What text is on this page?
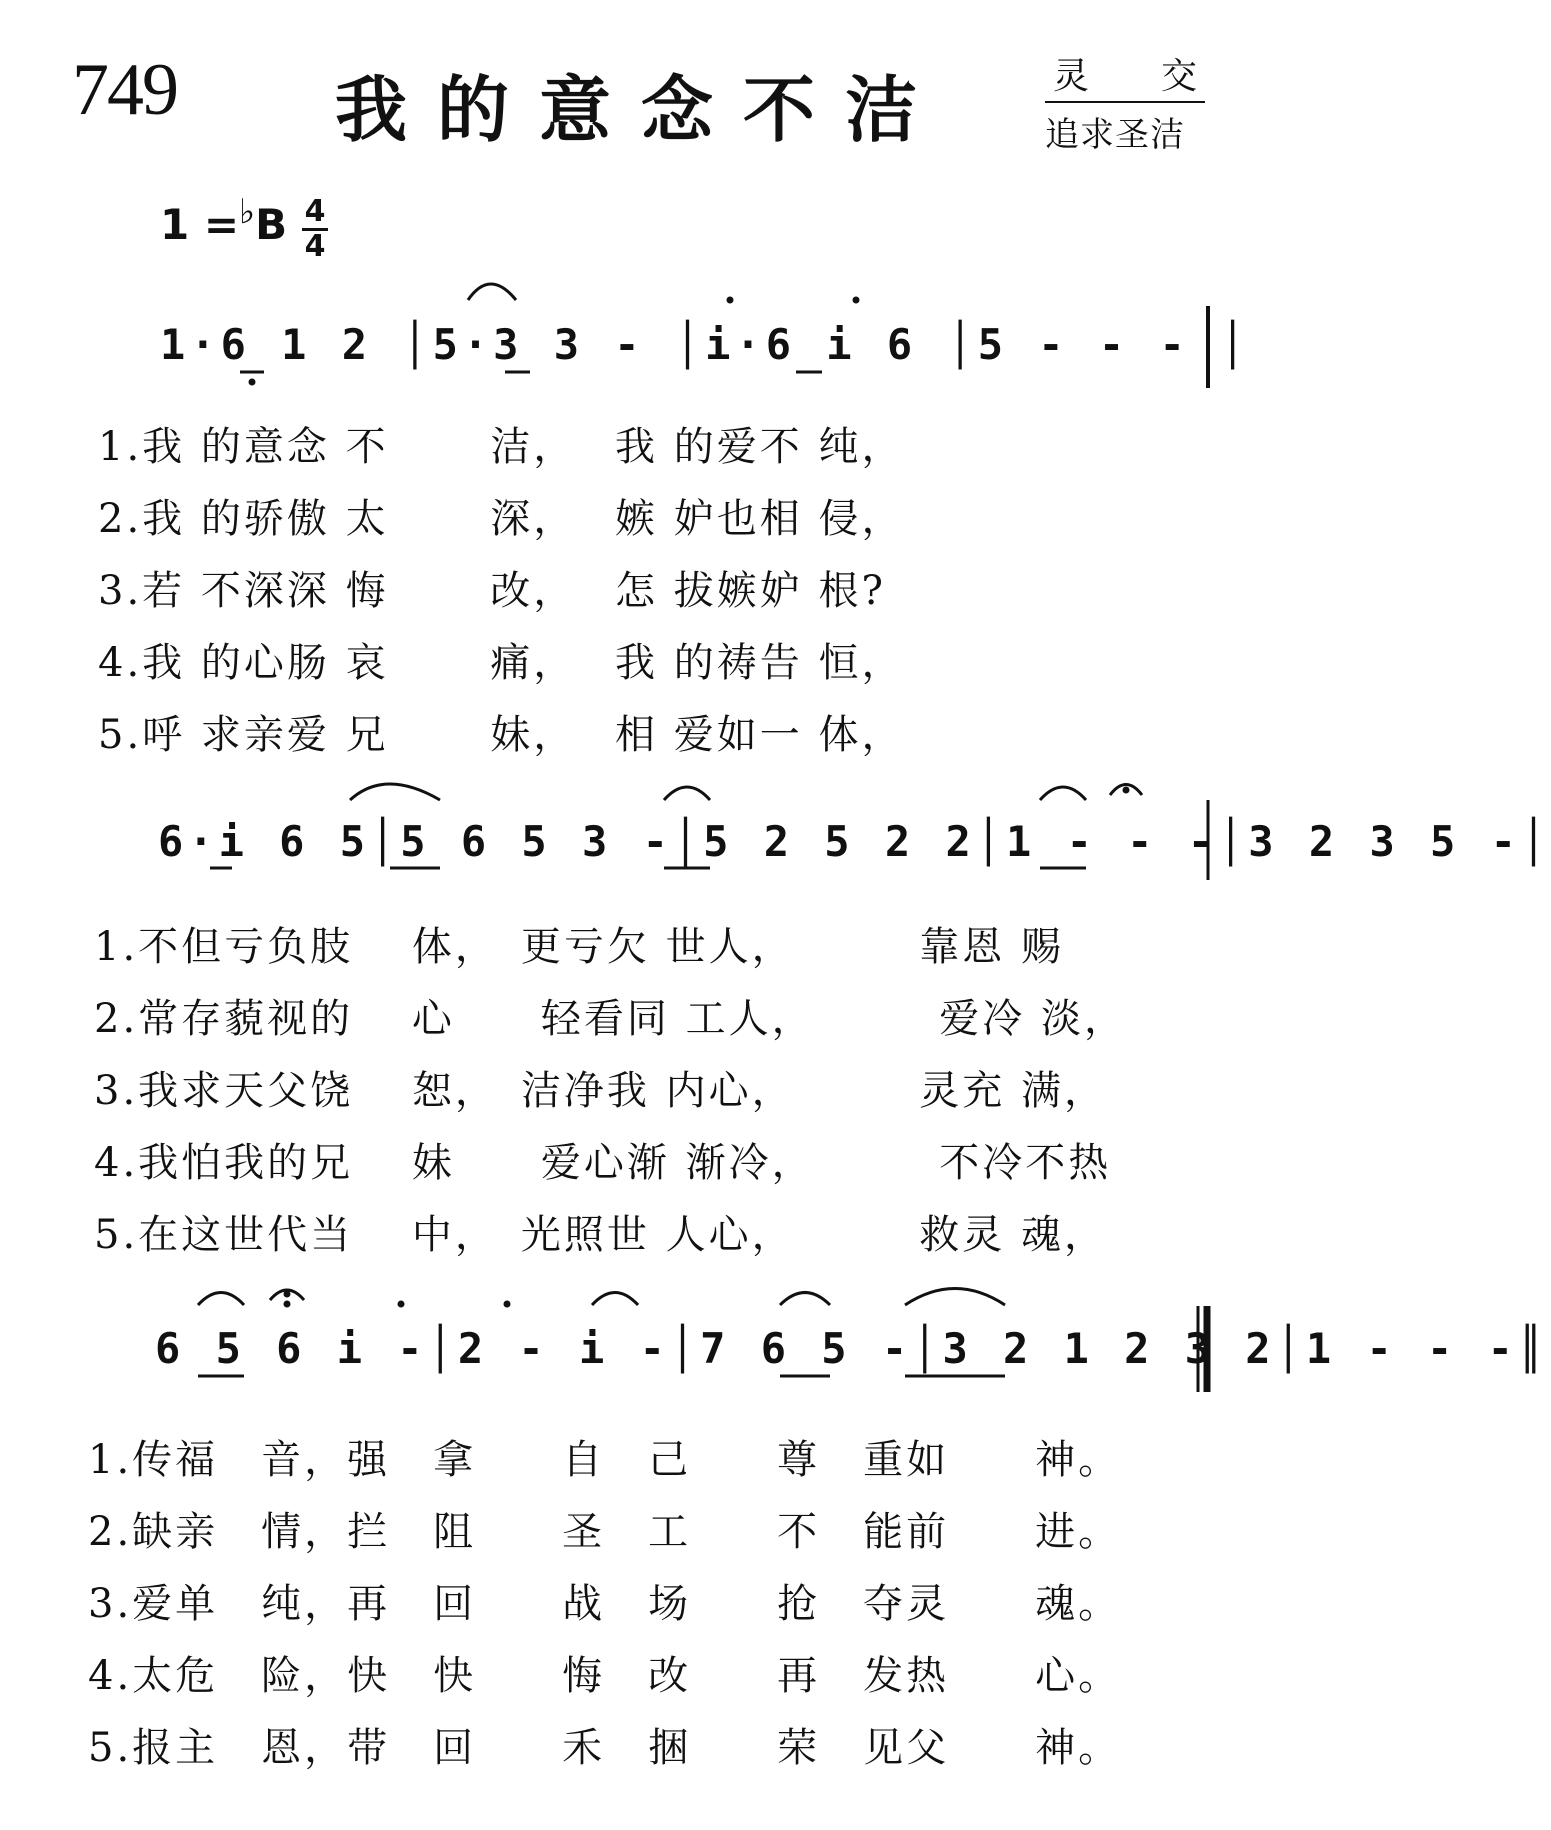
749 我的意念不洁	灵 交
追求圣洁
1 =♭B 4
4
1·6 1 2 │5·3 3 - │i·6 i 6 │5 - - - │
1.我 的意念 不　　 洁，　 我 的爱不 纯，
2.我 的骄傲 太　　 深，　 嫉 妒也相 侵，
3.若 不深深 悔　　 改，　 怎 拔嫉妒 根?
4.我 的心肠 哀　　 痛，　 我 的祷告 恒，
5.呼 求亲爱 兄　　 妹，　 相 爱如一 体，
6·i 6 5│5 6 5 3 -│5 2 5 2 2│1 - - -│3 2 3 5 -│
1.不但亏负肢　 体，　更亏欠 世人，　　　 靠恩 赐
2.常存藐视的　 心　　轻看同 工人，　　　 爱冷 淡，
3.我求天父饶　 恕，　洁净我 内心，　　　 灵充 满，
4.我怕我的兄　 妹　　爱心渐 渐冷，　　　 不冷不热
5.在这世代当　 中，　光照世 人心，　　　 救灵 魂，
6 5 6 i -│2 - i -│7 6 5 -│3 2 1 2 3 2│1 - - -║
1.传福　音，强　拿　　自　己　　尊　重如　　神。
2.缺亲　情，拦　阻　　圣　工　　不　能前　　进。
3.爱单　纯，再　回　　战　场　　抢　夺灵　　魂。
4.太危　险，快　快　　悔　改　　再　发热　　心。
5.报主　恩，带　回　　禾　捆　　荣　见父　　神。
